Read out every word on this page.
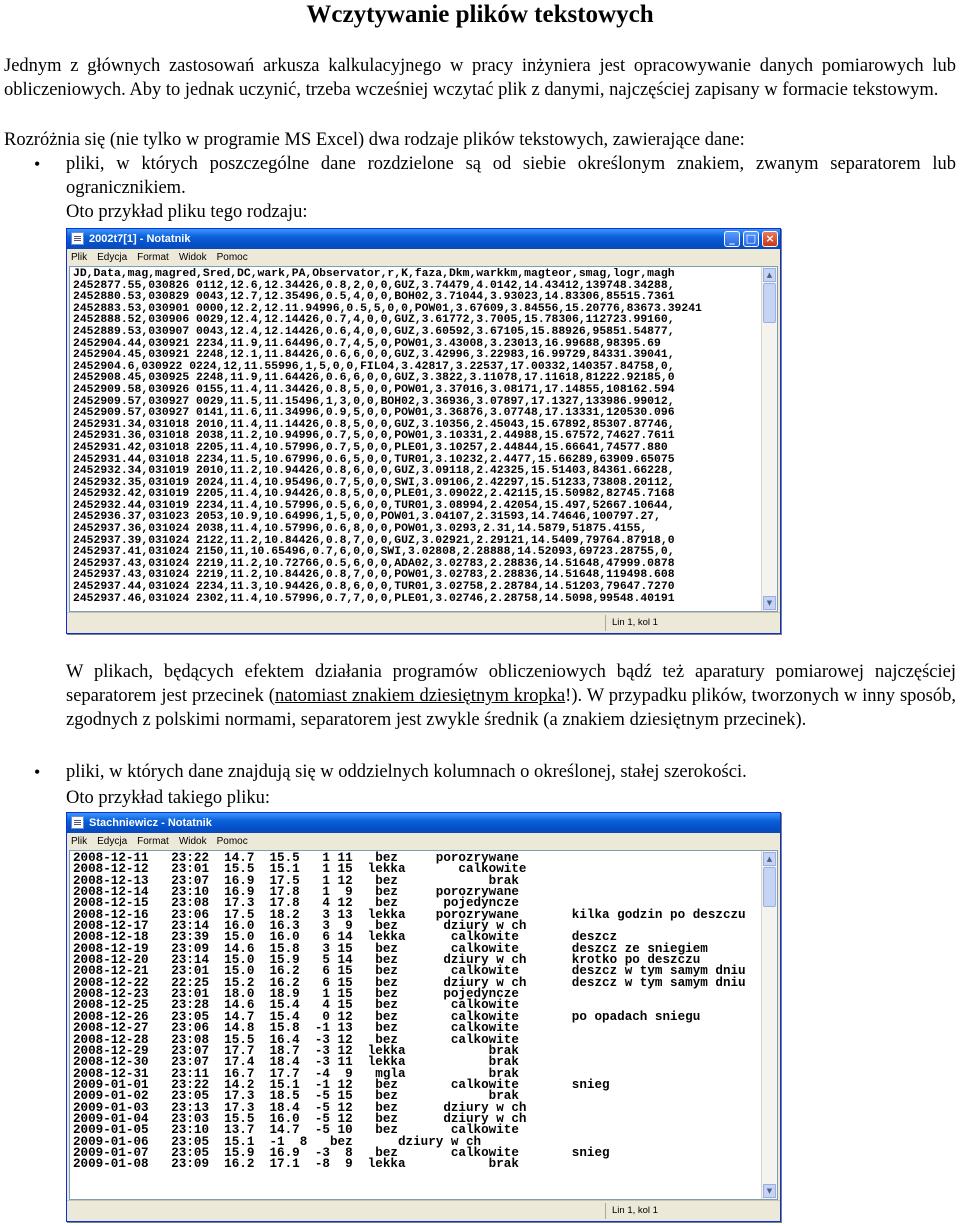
Wczytywanie plików tekstowych

Jednym z głównych zastosowań arkusza kalkulacyjnego w pracy inżyniera jest opracowywanie danych pomiarowych lub obliczeniowych. Aby to jednak uczynić, trzeba wcześniej wczytać plik z danymi, najczęściej zapisany w formacie tekstowym.

Rozróżnia się (nie tylko w programie MS Excel) dwa rodzaje plików tekstowych, zawierające dane:

• pliki, w których poszczególne dane rozdzielone są od siebie określonym znakiem, zwanym separatorem lub ogranicznikiem.

Oto przykład pliku tego rodzaju:

2002t7[1] - Notatnik	_	□ ×
Plik Edycja Format Widok Pomoc
JD,Data,mag,magred,Sred,DC,wark,PA,Observator,r,K,faza,Dkm,warkkm,magteor,smag,logr,magh
2452877.55,030826 0112,12.6,12.34426,0.8,2,0,0,GUZ,3.74479,4.0142,14.43412,139748.34288,
2452880.53,030829 0043,12.7,12.35496,0.5,4,0,0,BOH02,3.71044,3.93023,14.83306,85515.7361
2452883.53,030901 0000,12.2,12.11.94996,0.5,5,0,0,POW01,3.67609,3.84556,15.20776,83673.39241
2452888.52,030906 0029,12.4,12.14426,0.7,4,0,0,GUZ,3.61772,3.7005,15.78306,112723.99160,
2452889.53,030907 0043,12.4,12.14426,0.6,4,0,0,GUZ,3.60592,3.67105,15.88926,95851.54877,
2452904.44,030921 2234,11.9,11.64496,0.7,4,5,0,POW01,3.43008,3.23013,16.99688,98395.69
2452904.45,030921 2248,12.1,11.84426,0.6,6,0,0,GUZ,3.42996,3.22983,16.99729,84331.39041,
2452904.6,030922 0224,12,11.55996,1,5,0,0,FIL04,3.42817,3.22537,17.00332,140357.84758,0,
2452908.45,030925 2248,11.9,11.64426,0.6,6,0,0,GUZ,3.3822,3.11078,17.11618,81222.92185,0
2452909.58,030926 0155,11.4,11.34426,0.8,5,0,0,POW01,3.37016,3.08171,17.14855,108162.594
2452909.57,030927 0029,11.5,11.15496,1,3,0,0,BOH02,3.36936,3.07897,17.1327,133986.99012,
2452909.57,030927 0141,11.6,11.34996,0.9,5,0,0,POW01,3.36876,3.07748,17.13331,120530.096
2452931.34,031018 2010,11.4,11.14426,0.8,5,0,0,GUZ,3.10356,2.45043,15.67892,85307.87746,
2452931.36,031018 2038,11.2,10.94996,0.7,5,0,0,POW01,3.10331,2.44988,15.67572,74627.7611
2452931.42,031018 2205,11.4,10.57996,0.7,5,0,0,PLE01,3.10257,2.44844,15.66641,74577.880
2452931.44,031018 2234,11.5,10.67996,0.6,5,0,0,TUR01,3.10232,2.4477,15.66289,63909.65075
2452932.34,031019 2010,11.2,10.94426,0.8,6,0,0,GUZ,3.09118,2.42325,15.51403,84361.66228,
2452932.35,031019 2024,11.4,10.95496,0.7,5,0,0,SWI,3.09106,2.42297,15.51233,73808.20112,
2452932.42,031019 2205,11.4,10.94426,0.8,5,0,0,PLE01,3.09022,2.42115,15.50982,82745.7168
2452932.44,031019 2234,11.4,10.57996,0.5,6,0,0,TUR01,3.08994,2.42054,15.497,52667.10644,
2452936.37,031023 2053,10.9,10.64996,1,5,0,0,POW01,3.04107,2.31593,14.74646,100797.27,
2452937.36,031024 2038,11.4,10.57996,0.6,8,0,0,POW01,3.0293,2.31,14.5879,51875.4155,
2452937.39,031024 2122,11.2,10.84426,0.8,7,0,0,GUZ,3.02921,2.29121,14.5409,79764.87918,0
2452937.41,031024 2150,11,10.65496,0.7,6,0,0,SWI,3.02808,2.28888,14.52093,69723.28755,0,
2452937.43,031024 2219,11.2,10.72766,0.5,6,0,0,ADA02,3.02783,2.28836,14.51648,47999.0878
2452937.43,031024 2219,11.2,10.84426,0.8,7,0,0,POW01,3.02783,2.28836,14.51648,119498.608
2452937.44,031024 2234,11.3,10.94426,0.8,6,0,0,TUR01,3.02758,2.28784,14.51203,79647.7270
2452937.46,031024 2302,11.4,10.57996,0.7,7,0,0,PLE01,3.02746,2.28758,14.5098,99548.40191
▲
▼
Lin 1, kol 1

W plikach, będących efektem działania programów obliczeniowych bądź też aparatury pomiarowej najczęściej separatorem jest przecinek (natomiast znakiem dziesiętnym kropka!). W przypadku plików, tworzonych w inny sposób, zgodnych z polskimi normami, separatorem jest zwykle średnik (a znakiem dziesiętnym przecinek).

• pliki, w których dane znajdują się w oddzielnych kolumnach o określonej, stałej szerokości.

Oto przykład takiego pliku:

Stachniewicz - Notatnik
Plik Edycja Format Widok Pomoc
2008-12-11   23:22  14.7  15.5   1 11   bez     porozrywane
2008-12-12   23:01  15.5  15.1   1 15  lekka       calkowite
2008-12-13   23:07  16.9  17.5   1 12   bez            brak
2008-12-14   23:10  16.9  17.8   1  9   bez     porozrywane
2008-12-15   23:08  17.3  17.8   4 12   bez      pojedyncze
2008-12-16   23:06  17.5  18.2   3 13  lekka    porozrywane       kilka godzin po deszczu
2008-12-17   23:14  16.0  16.3   3  9   bez      dziury w ch
2008-12-18   23:39  15.0  16.0   6 14  lekka      calkowite       deszcz
2008-12-19   23:09  14.6  15.8   3 15   bez       calkowite       deszcz ze sniegiem
2008-12-20   23:14  15.0  15.9   5 14   bez      dziury w ch      krotko po deszczu
2008-12-21   23:01  15.0  16.2   6 15   bez       calkowite       deszcz w tym samym dniu
2008-12-22   22:25  15.2  16.2   6 15   bez      dziury w ch      deszcz w tym samym dniu
2008-12-23   23:01  18.0  18.9   1 15   bez      pojedyncze
2008-12-25   23:28  14.6  15.4   4 15   bez       calkowite
2008-12-26   23:05  14.7  15.4   0 12   bez       calkowite       po opadach sniegu
2008-12-27   23:06  14.8  15.8  -1 13   bez       calkowite
2008-12-28   23:08  15.5  16.4  -3 12   bez       calkowite
2008-12-29   23:07  17.7  18.7  -3 12  lekka           brak
2008-12-30   23:07  17.4  18.4  -3 11  lekka           brak
2008-12-31   23:11  16.7  17.7  -4  9   mgla           brak
2009-01-01   23:22  14.2  15.1  -1 12   bez       calkowite       snieg
2009-01-02   23:05  17.3  18.5  -5 15   bez            brak
2009-01-03   23:13  17.3  18.4  -5 12   bez      dziury w ch
2009-01-04   23:03  15.5  16.0  -5 12   bez      dziury w ch
2009-01-05   23:10  13.7  14.7  -5 10   bez       calkowite
2009-01-06   23:05  15.1  -1  8   bez      dziury w ch
2009-01-07   23:05  15.9  16.9  -3  8   bez       calkowite       snieg
2009-01-08   23:09  16.2  17.1  -8  9  lekka           brak
▲
▼
Lin 1, kol 1
